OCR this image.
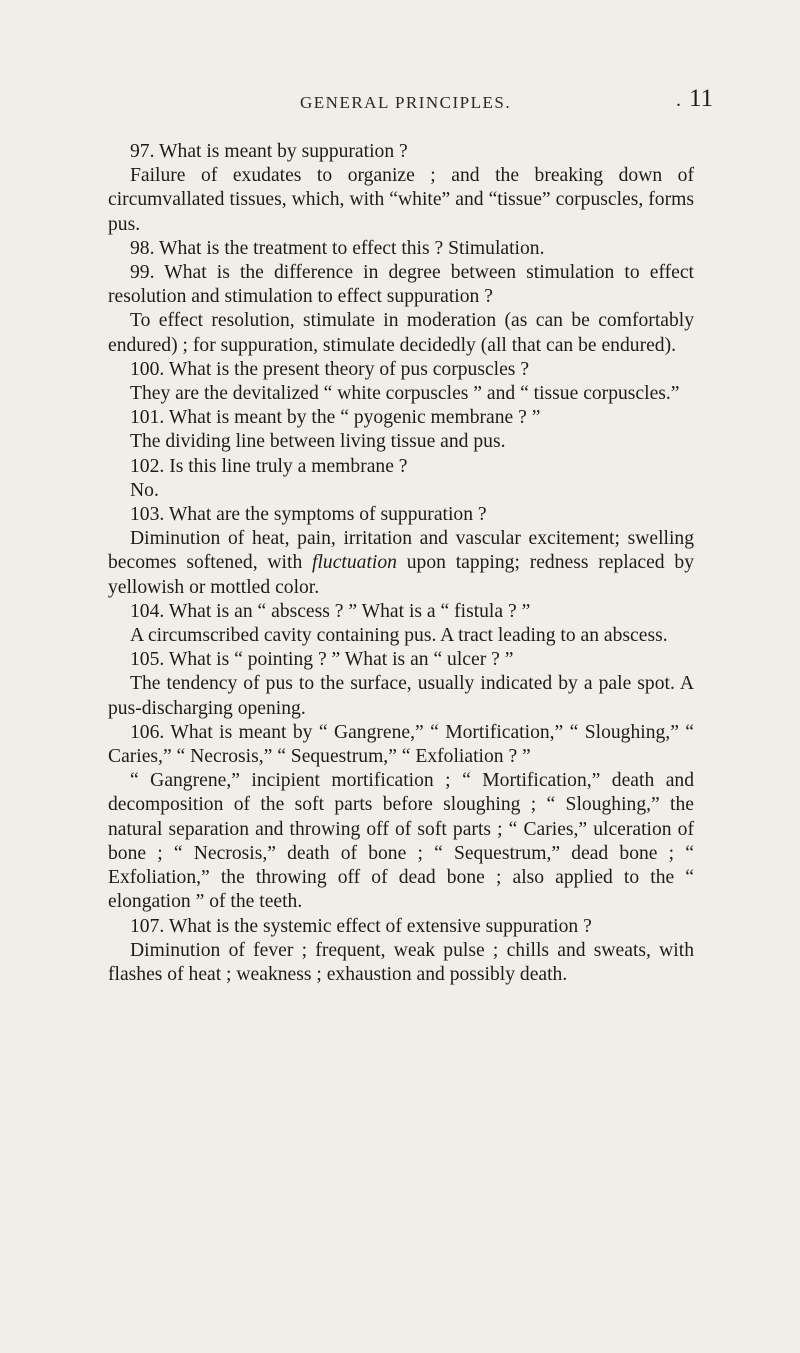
GENERAL PRINCIPLES.	. 11

97. What is meant by suppuration ?

Failure of exudates to organize ; and the breaking down of circumvallated tissues, which, with “white” and “tissue” corpuscles, forms pus.

98. What is the treatment to effect this ? Stimulation.

99. What is the difference in degree between stimulation to effect resolution and stimulation to effect suppuration ?

To effect resolution, stimulate in moderation (as can be comfortably endured) ; for suppuration, stimulate decidedly (all that can be endured).

100. What is the present theory of pus corpuscles ?

They are the devitalized “ white corpuscles ” and “ tissue corpuscles.”

101. What is meant by the “ pyogenic membrane ? ”

The dividing line between living tissue and pus.

102. Is this line truly a membrane ?

No.

103. What are the symptoms of suppuration ?

Diminution of heat, pain, irritation and vascular excitement; swelling becomes softened, with fluctuation upon tapping; redness replaced by yellowish or mottled color.

104. What is an “ abscess ? ” What is a “ fistula ? ”

A circumscribed cavity containing pus. A tract leading to an abscess.

105. What is “ pointing ? ” What is an “ ulcer ? ”

The tendency of pus to the surface, usually indicated by a pale spot. A pus-discharging opening.

106. What is meant by “ Gangrene,” “ Mortification,” “ Sloughing,” “ Caries,” “ Necrosis,” “ Sequestrum,” “ Exfoliation ? ”

“ Gangrene,” incipient mortification ; “ Mortification,” death and decomposition of the soft parts before sloughing ; “ Sloughing,” the natural separation and throwing off of soft parts ; “ Caries,” ulceration of bone ; “ Necrosis,” death of bone ; “ Sequestrum,” dead bone ; “ Exfoliation,” the throwing off of dead bone ; also applied to the “ elongation ” of the teeth.

107. What is the systemic effect of extensive suppuration ?

Diminution of fever ; frequent, weak pulse ; chills and sweats, with flashes of heat ; weakness ; exhaustion and possibly death.
